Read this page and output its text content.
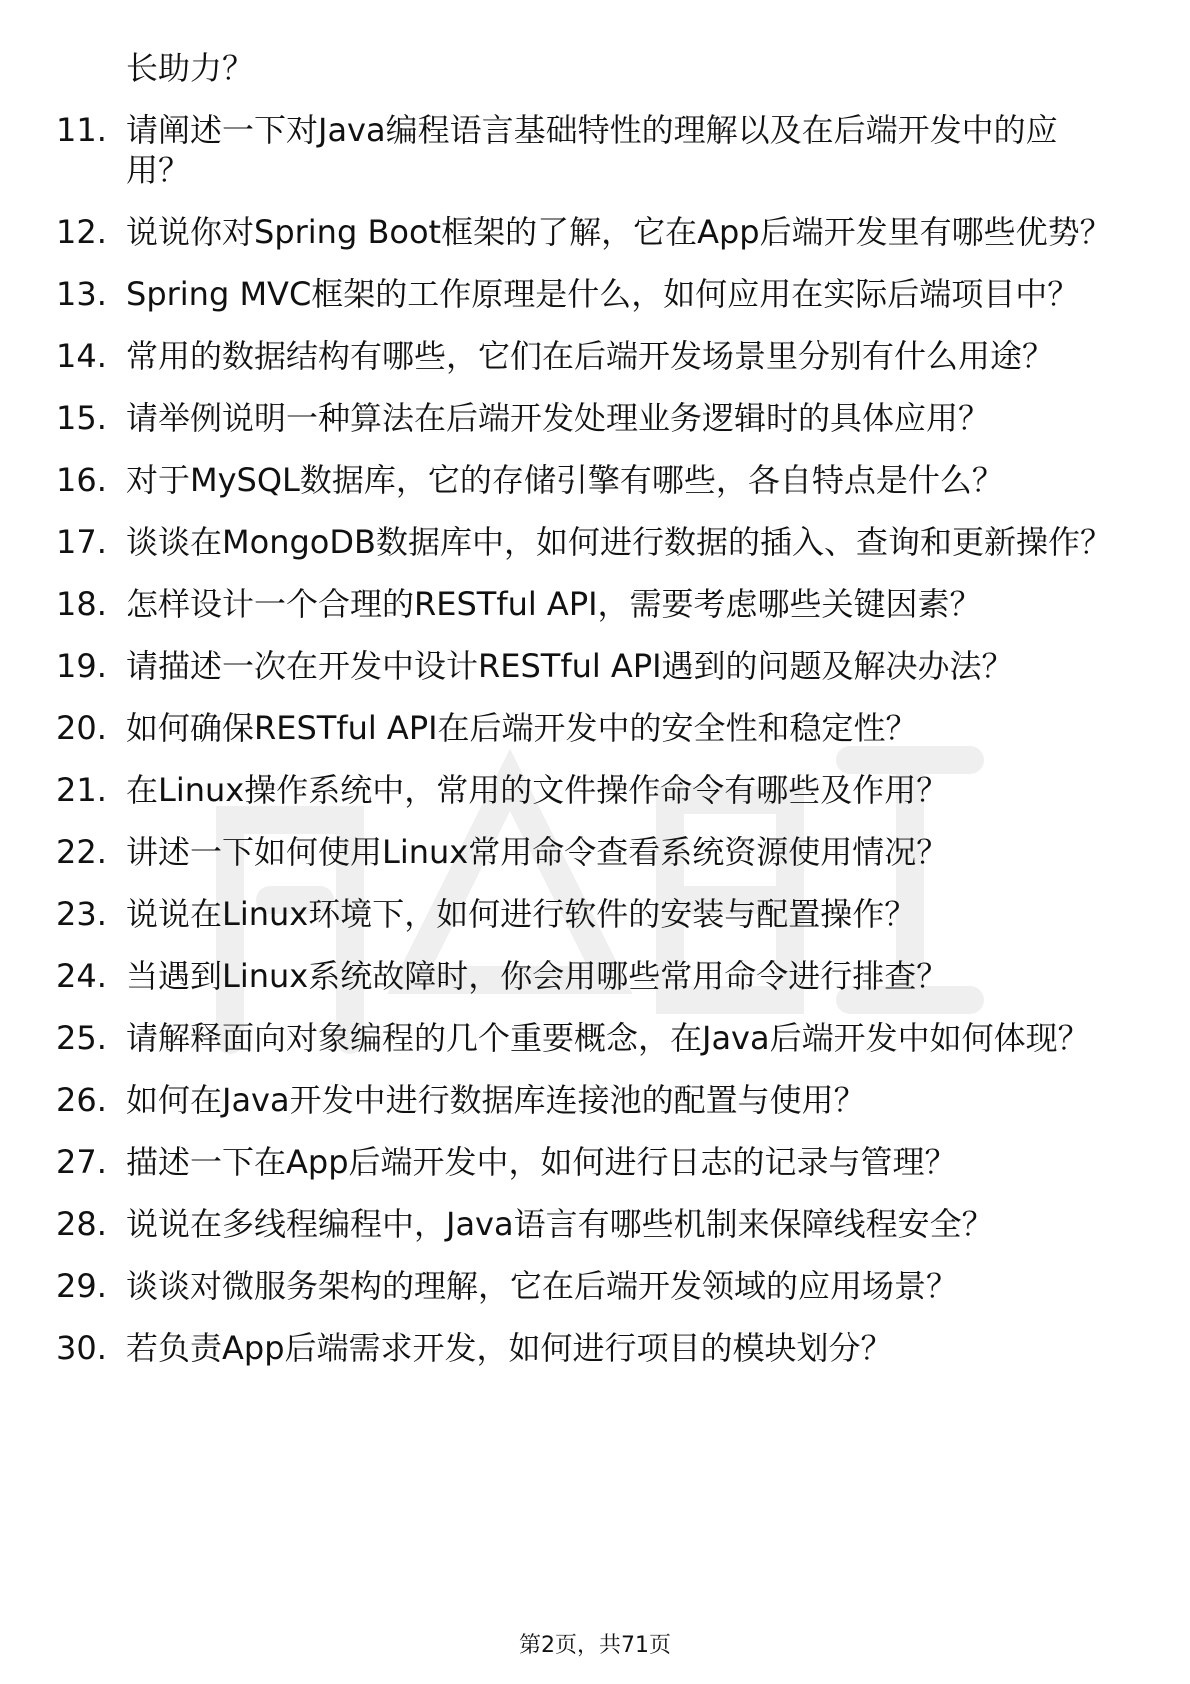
长助力？
11. 请阐述一下对Java编程语言基础特性的理解以及在后端开发中的应用？
12. 说说你对Spring Boot框架的了解，它在App后端开发里有哪些优势？
13. Spring MVC框架的工作原理是什么，如何应用在实际后端项目中？
14. 常用的数据结构有哪些，它们在后端开发场景里分别有什么用途？
15. 请举例说明一种算法在后端开发处理业务逻辑时的具体应用？
16. 对于MySQL数据库，它的存储引擎有哪些，各自特点是什么？
17. 谈谈在MongoDB数据库中，如何进行数据的插入、查询和更新操作？
18. 怎样设计一个合理的RESTful API，需要考虑哪些关键因素？
19. 请描述一次在开发中设计RESTful API遇到的问题及解决办法？
20. 如何确保RESTful API在后端开发中的安全性和稳定性？
21. 在Linux操作系统中，常用的文件操作命令有哪些及作用？
22. 讲述一下如何使用Linux常用命令查看系统资源使用情况？
23. 说说在Linux环境下，如何进行软件的安装与配置操作？
24. 当遇到Linux系统故障时，你会用哪些常用命令进行排查？
25. 请解释面向对象编程的几个重要概念，在Java后端开发中如何体现？
26. 如何在Java开发中进行数据库连接池的配置与使用？
27. 描述一下在App后端开发中，如何进行日志的记录与管理？
28. 说说在多线程编程中，Java语言有哪些机制来保障线程安全？
29. 谈谈对微服务架构的理解，它在后端开发领域的应用场景？
30. 若负责App后端需求开发，如何进行项目的模块划分？
第2页，共71页
